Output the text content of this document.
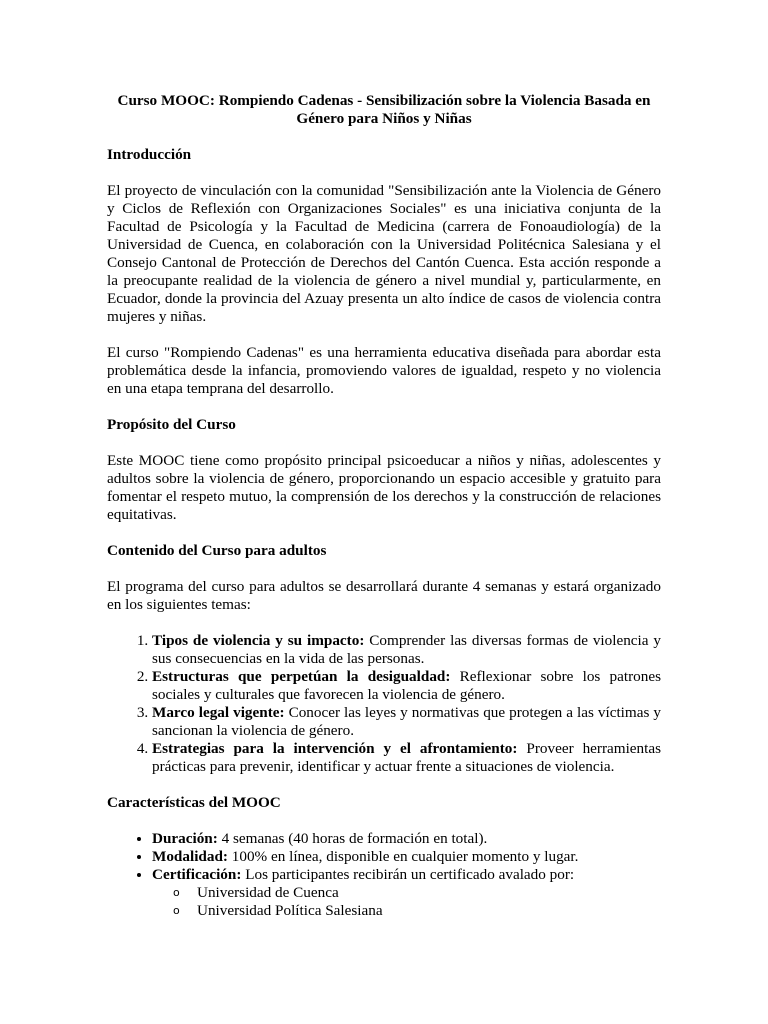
Curso MOOC: Rompiendo Cadenas - Sensibilización sobre la Violencia Basada en Género para Niños y Niñas

Introducción

El proyecto de vinculación con la comunidad "Sensibilización ante la Violencia de Género y Ciclos de Reflexión con Organizaciones Sociales" es una iniciativa conjunta de la Facultad de Psicología y la Facultad de Medicina (carrera de Fonoaudiología) de la Universidad de Cuenca, en colaboración con la Universidad Politécnica Salesiana y el Consejo Cantonal de Protección de Derechos del Cantón Cuenca. Esta acción responde a la preocupante realidad de la violencia de género a nivel mundial y, particularmente, en Ecuador, donde la provincia del Azuay presenta un alto índice de casos de violencia contra mujeres y niñas.

El curso "Rompiendo Cadenas" es una herramienta educativa diseñada para abordar esta problemática desde la infancia, promoviendo valores de igualdad, respeto y no violencia en una etapa temprana del desarrollo.

Propósito del Curso

Este MOOC tiene como propósito principal psicoeducar a niños y niñas, adolescentes y adultos sobre la violencia de género, proporcionando un espacio accesible y gratuito para fomentar el respeto mutuo, la comprensión de los derechos y la construcción de relaciones equitativas.

Contenido del Curso para adultos

El programa del curso para adultos se desarrollará durante 4 semanas y estará organizado en los siguientes temas:

1. Tipos de violencia y su impacto: Comprender las diversas formas de violencia y sus consecuencias en la vida de las personas.
2. Estructuras que perpetúan la desigualdad: Reflexionar sobre los patrones sociales y culturales que favorecen la violencia de género.
3. Marco legal vigente: Conocer las leyes y normativas que protegen a las víctimas y sancionan la violencia de género.
4. Estrategias para la intervención y el afrontamiento: Proveer herramientas prácticas para prevenir, identificar y actuar frente a situaciones de violencia.

Características del MOOC

• Duración: 4 semanas (40 horas de formación en total).
• Modalidad: 100% en línea, disponible en cualquier momento y lugar.
• Certificación: Los participantes recibirán un certificado avalado por:
o Universidad de Cuenca
o Universidad Política Salesiana
